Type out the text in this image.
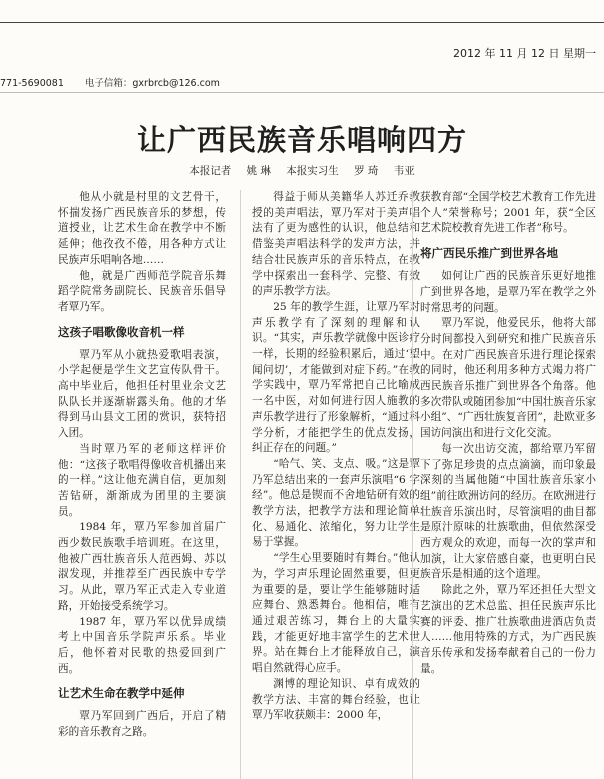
2012 年 11 月 12 日 星期一
771-5690081 电子信箱：gxrbrcb@126.com
让广西民族音乐唱响四方
本报记者 姚 琳 本报实习生 罗 琦 韦亚

他从小就是村里的文艺骨干，怀揣发扬广西民族音乐的梦想，传道授业，让艺术生命在教学中不断延伸；他孜孜不倦，用各种方式让民族声乐唱响各地……

他，就是广西师范学院音乐舞蹈学院常务副院长、民族音乐倡导者覃乃军。

这孩子唱歌像收音机一样

覃乃军从小就热爱歌唱表演，小学起便是学生文艺宣传队骨干。高中毕业后，他担任村里业余文艺队队长并逐渐崭露头角。他的才华得到马山县文工团的赏识，获特招入团。

当时覃乃军的老师这样评价他：“这孩子歌唱得像收音机播出来的一样。”这让他充满自信，更加刻苦钻研，渐渐成为团里的主要演员。

1984 年，覃乃军参加首届广西少数民族歌手培训班。在这里，他被广西壮族音乐人范西姆、苏以淑发现，并推荐至广西民族中专学习。从此，覃乃军正式走入专业道路，开始接受系统学习。

1987 年，覃乃军以优异成绩考上中国音乐学院声乐系。毕业后，他怀着对民歌的热爱回到广西。

让艺术生命在教学中延伸

覃乃军回到广西后，开启了精彩的音乐教育之路。

得益于师从美籍华人苏迁乔教授的美声唱法，覃乃军对于美声唱法有了更为感性的认识，他总结和借鉴美声唱法科学的发声方法，并结合壮民族声乐的音乐特点，在教学中探索出一套科学、完整、有效的声乐教学方法。

25 年的教学生涯，让覃乃军对声乐教学有了深刻的理解和认识。“其实，声乐教学就像中医诊疗一样，长期的经验积累后，通过‘望闻问切’，才能做到对症下药。”在教学实践中，覃乃军常把自己比喻成一名中医，对如何进行因人施教的声乐教学进行了形象解析，“通过科学分析，才能把学生的优点发扬，纠正存在的问题。”

“哈气、笑、支点、吸。”这是覃乃军总结出来的一套声乐演唱“6 字经”。他总是锲而不舍地钻研有效的教学方法，把教学方法和理论简单化、易通化、浓缩化，努力让学生易于掌握。

“学生心里要随时有舞台。”他认为，学习声乐理论固然重要，但更为重要的是，要让学生能够随时适应舞台、熟悉舞台。他相信，唯有通过艰苦练习，舞台上的大量实践，才能更好地丰富学生的艺术世界。站在舞台上才能释放自己，演唱自然就得心应手。

渊博的理论知识、卓有成效的教学方法、丰富的舞台经验，也让覃乃军收获颇丰：2000 年，

获教育部“全国学校艺术教育工作先进个人”荣誉称号；2001 年，获“全区艺术院校教育先进工作者”称号。

将广西民乐推广到世界各地

如何让广西的民族音乐更好地推广到世界各地，是覃乃军在教学之外时常思考的问题。

覃乃军说，他爱民乐，他将大部分时间都投入到研究和推广民族音乐中。在对广西民族音乐进行理论探索的同时，他还利用多种方式竭力将广西民族音乐推广到世界各个角落。他多次带队或随团参加“中国壮族音乐家小组”、“广西壮族复音团”，赴欧亚多国访问演出和进行文化交流。

每一次出访交流，都给覃乃军留下了弥足珍贵的点点滴滴，而印象最深刻的当属他随“中国壮族音乐家小组”前往欧洲访问的经历。在欧洲进行壮族音乐演出时，尽管演唱的曲目都是原汁原味的壮族歌曲，但依然深受西方观众的欢迎，而每一次的掌声和加演，让大家倍感自豪，也更明白民族音乐是相通的这个道理。

除此之外，覃乃军还担任大型文艺演出的艺术总监、担任民族声乐比赛的评委、推广壮族歌曲进酒店负责人……他用特殊的方式，为广西民族音乐传承和发扬奉献着自己的一份力量。
